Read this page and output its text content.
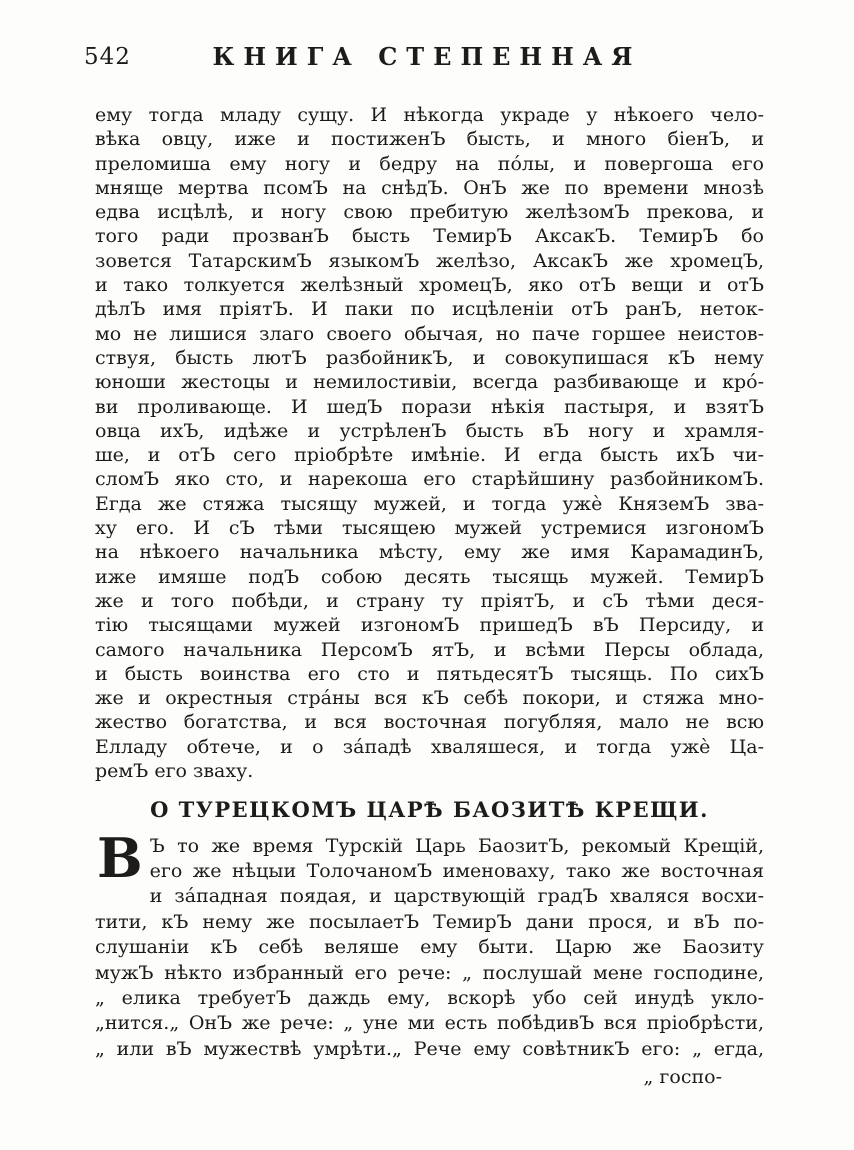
542	КНИГА СТЕПЕННАЯ
ему тогда младу сущу. И нѣкогда украде у нѣкоего чело-
вѣка овцу, иже и постиженЪ бысть, и много біенЪ, и
преломиша ему ногу и бедру на по́лы, и повергоша его
мняще мертва псомЪ на снѣдЪ. ОнЪ же по времени мнозѣ
едва исцѣлѣ, и ногу свою пребитую желѣзомЪ прекова, и
того ради прозванЪ бысть ТемирЪ АксакЪ. ТемирЪ бо
зовется ТатарскимЪ языкомЪ желѣзо, АксакЪ же хромецЪ,
и тако толкуется желѣзный хромецЪ, яко отЪ вещи и отЪ
дѣлЪ имя пріятЪ. И паки по исцѣленіи отЪ ранЪ, неток-
мо не лишися злаго своего обычая, но паче горшее неистов-
ствуя, бысть лютЪ разбойникЪ, и совокупишася кЪ нему
юноши жестоцы и немилостивіи, всегда разбивающе и кро́-
ви проливающе. И шедЪ порази нѣкія пастыря, и взятЪ
овца ихЪ, идѣже и устрѣленЪ бысть вЪ ногу и храмля-
ше, и отЪ сего пріобрѣте имѣніе. И егда бысть ихЪ чи-
сломЪ яко сто, и нарекоша его старѣйшину разбойникомЪ.
Егда же стяжа тысящу мужей, и тогда ужѐ КняземЪ зва-
ху его. И сЪ тѣми тысящею мужей устремися изгономЪ
на нѣкоего начальника мѣсту, ему же имя КарамадинЪ,
иже имяше подЪ собою десять тысящь мужей. ТемирЪ
же и того побѣди, и страну ту пріятЪ, и сЪ тѣми деся-
тію тысящами мужей изгономЪ пришедЪ вЪ Персиду, и
самого начальника ПерсомЪ ятЪ, и всѣми Персы облада,
и бысть воинства его сто и пятьдесятЪ тысящь. По сихЪ
же и окрестныя стра́ны вся кЪ себѣ покори, и стяжа мно-
жество богатства, и вся восточная погубляя, мало не всю
Елладу обтече, и о за́падѣ хваляшеся, и тогда ужѐ Ца-
ремЪ его зваху.
О ТУРЕЦКОМЪ ЦАРѢ БАОЗИТѢ КРЕЩИ.
В Ъ то же время Турскій Царь БаозитЪ, рекомый Крещій,
его же нѣцыи ТолочаномЪ именоваху, тако же восточная
и за́падная поядая, и царствующій градЪ хваляся восхи-
тити, кЪ нему же посылаетЪ ТемирЪ дани прося, и вЪ по-
слушаніи кЪ себѣ веляше ему быти. Царю же Баозиту
мужЪ нѣкто избранный его рече: „ послушай мене господине,
„ елика требуетЪ даждь ему, вскорѣ убо сей инудѣ укло-
„нится.„ ОнЪ же рече: „ уне ми есть побѣдивЪ вся пріобрѣсти,
„ или вЪ мужествѣ умрѣти.„ Рече ему совѣтникЪ его: „ егда,
„ госпо-
